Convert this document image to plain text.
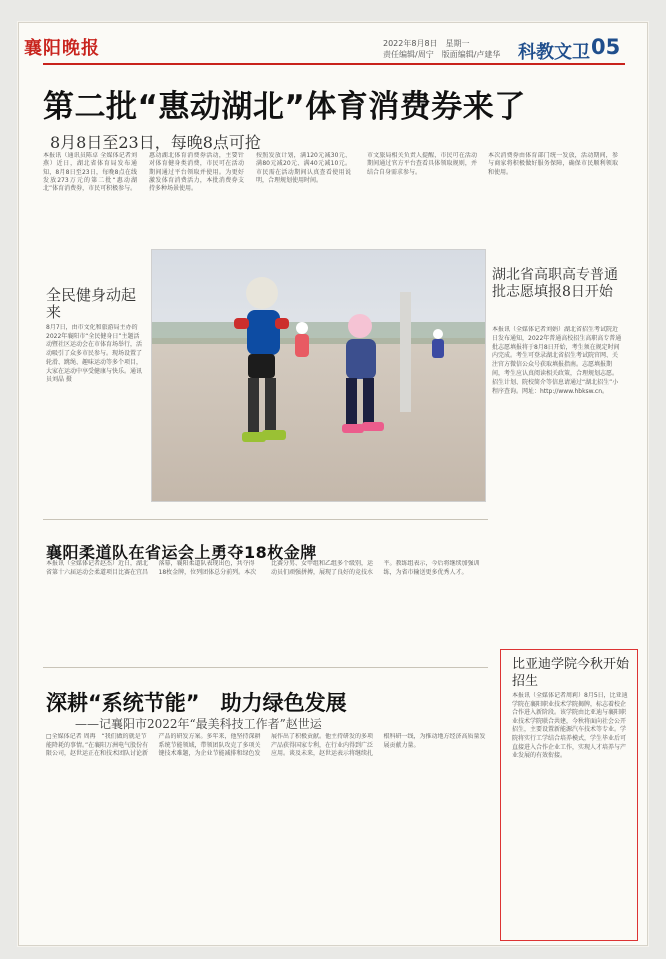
襄阳晚报	2022年8月8日　星期一
责任编辑/周宁　版面编辑/卢建华 科教文卫 05
第二批“惠动湖北”体育消费券来了
8月8日至23日，每晚8点可抢
本报讯（通讯员陈卓 全媒体记者刘燕）近日，湖北省体育局发布通知，8月8日至23日，每晚8点在线发放273万元的第二批“惠动湖北”体育消费券，市民可积极参与。
惠动湖北体育消费券活动，主要针对体育健身类消费，市民可在活动期间通过平台领取并使用。为更好激发体育消费活力，本批消费券支持多种场景使用。
按照发放计划，满120元减30元、满80元减20元、满40元减10元。市民需在活动期间认真查看使用说明，合理规划使用时间。
市文旅局相关负责人提醒，市民可在活动期间通过官方平台查看具体领取规则，并结合自身需求参与。
本次消费券由体育部门统一发放，活动期间，参与商家将积极做好服务保障，确保市民顺利领取和使用。
全民健身动起来
8月7日，由市文化和旅游局主办的2022年襄阳市“全民健身日”主题活动暨社区运动会在市体育场举行，活动吸引了众多市民参与。现场设置了轮滑、跳绳、趣味运动等多个项目，大家在运动中享受健康与快乐。通讯员刘晶 摄
湖北省高职高专普通批志愿填报8日开始
本报讯（全媒体记者刘娟）湖北省招生考试院近日发布通知，2022年普通高校招生高职高专普通批志愿填报将于8月8日开始，考生须在规定时间内完成。考生可登录湖北省招生考试院官网、关注官方微信公众号获取填报指南。志愿填报期间，考生应认真阅读相关政策，合理规划志愿。招生计划、院校简介等信息请通过“湖北招生”小程序查询。网址：http://www.hbksw.cn。
襄阳柔道队在省运会上勇夺18枚金牌
本报讯（全媒体记者赵杰）近日，湖北省第十六届运动会柔道项目比赛在宜昌落幕，襄阳柔道队表现出色，共夺得18枚金牌，位列团体总分前列。本次比赛分男、女甲组和乙组多个级别，运动员们顽强拼搏，展现了良好的竞技水平。教练组表示，今后将继续加强训练，为省市输送更多优秀人才。
深耕“系统节能”　助力绿色发展
——记襄阳市2022年“最美科技工作者”赵世运
□全媒体记者 周再　“我们做的就是节能降耗的事情。”在襄阳万洲电气股份有限公司，赵世运正在和技术团队讨论新产品的研发方案。多年来，他坚持深耕系统节能领域，带领团队攻克了多项关键技术难题，为企业节能减排和绿色发展作出了积极贡献。他主持研发的多项产品获得国家专利，在行业内得到广泛应用。谈及未来，赵世运表示将继续扎根科研一线，为推动地方经济高质量发展贡献力量。
比亚迪学院今秋开始招生
本报讯（全媒体记者周莉）8月5日，比亚迪学院在襄阳职业技术学院揭牌，标志着校企合作进入新阶段。该学院由比亚迪与襄阳职业技术学院联合共建，今秋将面向社会公开招生，主要设置新能源汽车技术等专业。学院将实行工学结合培养模式，学生毕业后可直接进入合作企业工作，实现人才培养与产业发展的有效衔接。
